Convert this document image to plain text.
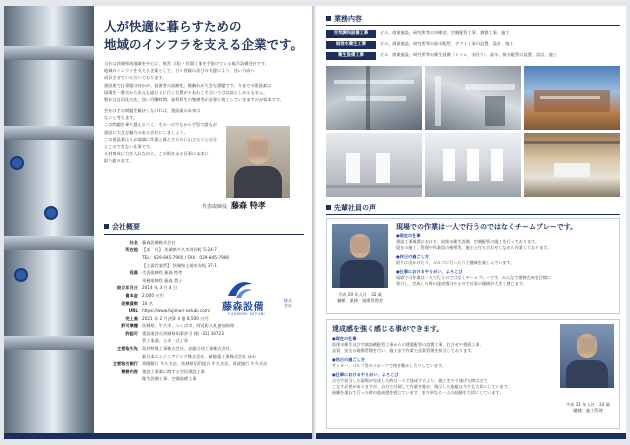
人が快適に暮らすための
地域のインフラを支える企業です。
当社は茨城県南地域を中心に、県営（国）・民間工事を手掛けている総合設備会社です。
地域のインフラを支える企業として、日々冒険の喜びの支援により、良い力向へ
成長させていただいております。
建設業で仕事服は何かが、技術者の高齢化、後継れが大きな課題です。今までの建設業は
現場を一番名から次元も組む上に行く位置がりあれこそ言いては以前としめるもせん。
弊社は自信化の先、良い労働時間、福利厚生の整備等が必要に着工していきますのが効本です。
会社はその問題を解決しなければ、建設業の未来は
ないと考えます。
この問題を乗り越えるべく、その一のでもから手堅で誰もが
建設に大きな魅力のある会社にしましょう。
この建設業は人が地域に作業と暮らす方のに山立たりと自分
とこのできない仕事です。
人材育成に力を入れながら、この街を永る仕事に未来に
取り組みます。
代表取締役 藤森 特孝
会社概要
社名	藤森設備株式会社
所在地	【本　社】 茨城県牛久市刈谷町 5-24-7
	TEL：029-845-7905 / FAX：029-845-7906
	【土浦営業所】 茨城県土浦市赤坂 37-1
役員	代表取締役 藤森 特孝
	専務取締役 藤森 賞子
設立年月日	2014 年 3 月 4 日
資本金	2,000 万円
従業員数	16 名
URL	https://www.fujimori-setubi.com/
売上高	2021 年 2 月決算 4 億 8,500 万円
許可業種	茨城県、牛久市、つくば市、阿見町入札参加資格
許認可	建設業許可茨城県知事許可 (般 -31) 34723
	管工事業、土木一式工事
主要取引先	島村特殊工事株式会社、安藤合同工事株式会社、
	新日本エンジニアリング株式会社、研総電工事株式会社 ほか
主要取引銀行	常陽銀行 牛久支店、茨城県信用組合 牛久支店、筑波銀行 牛久支店
業務内容	建設工事業に関する官民建設工事
	衛生設備工事、空調設備工事
藤森設備
株式
会社
FUJIMORI SETUBI
業務内容
空気調和設備工事	ビル、商業施設、研究所等の冷暖房、空調配管工事、調整工事、施工
給排水衛生工事	ビル、商業施設、研究所等の給水配管、ダクト工事の設置、設計、施工
衛生設備工事	ビル、商業施設、研究所等の衛生設備（トイレ、水回り）、給水、排水配管の設置、設計、施工
先輩社員の声
平成 29 年入社　32 歳
職種：業務・現場管理者
現場での作業は一人で行うのではなくチームプレーです。
●現在の仕事
建設工事現場における、給排水衛生設備、空調配管の施工を行っております。
現在の施工、管理や作業員の指導等、施主と打ち合わせしながら作業しております。
●休日の過ごし方
釣りに出かけたり、ゴルフに行ったりと趣味を楽しんでいます。
●仕事におけるやりがい、よろこび
現場での作業は一人で行うのではなくチームプレーです。みんなで建物完成を目標に
努力し、完成した時の達成感はやるので仕事の価値が大きく感じます。
達成感を強く感じる事ができます。
●現在の仕事
給排水衛生及び空調設備配管工事からの建築配管の設置工事、打合せや書面工事、
品質、安全の現場管理を行い、施工まで作業で品質管理を担当しております。
●休日の過ごし方
サッカー、ゴルフ等のスポーツで体を動かしたりしています。
●仕事におけるやりがい、よろこび
自分で担当した現場が完成した時は一人で達成するより、施工をやり遂げた時は全て
こなす必要がありますが、自分で計画して作業を進め、指示した取組は今でも大切にしています。
経験を重ねて行った時の達成感を感じています。まだ単なる一人の経験を大切にしています。
平成 31 年入社　24 歳
職種：施工管理
